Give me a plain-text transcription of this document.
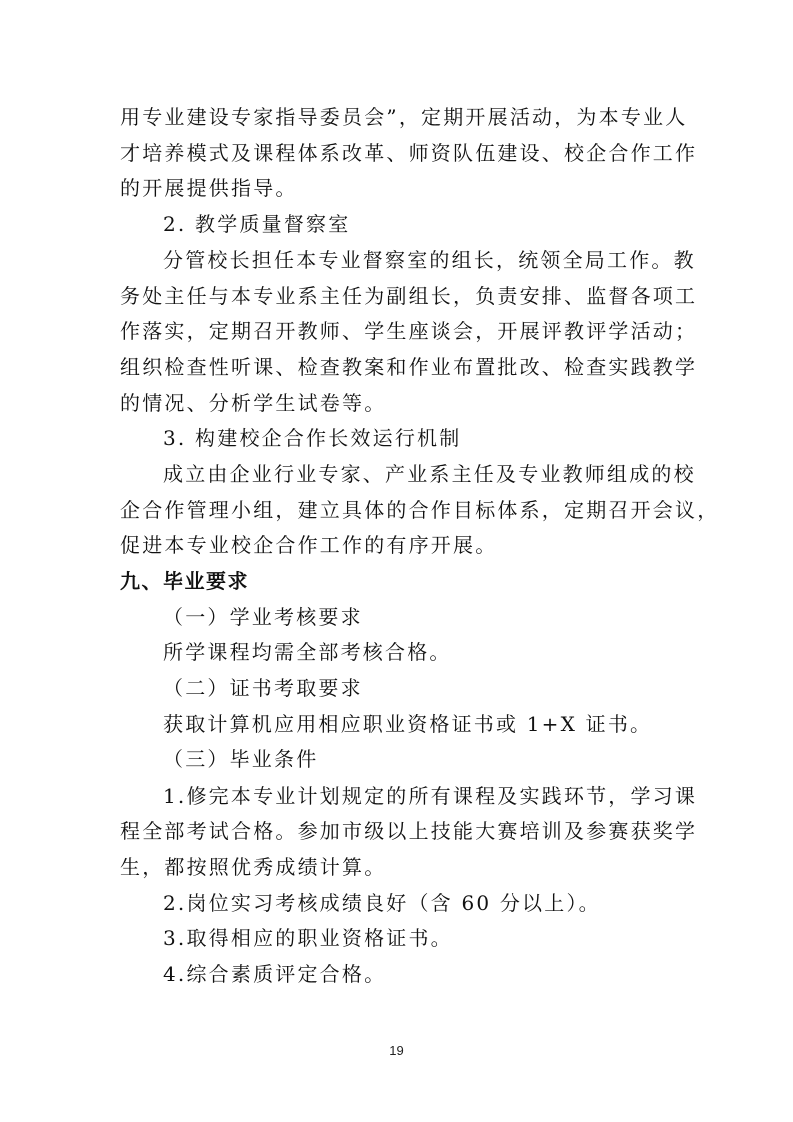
用专业建设专家指导委员会”，定期开展活动，为本专业人
才培养模式及课程体系改革、师资队伍建设、校企合作工作
的开展提供指导。
2. 教学质量督察室
分管校长担任本专业督察室的组长，统领全局工作。教
务处主任与本专业系主任为副组长，负责安排、监督各项工
作落实，定期召开教师、学生座谈会，开展评教评学活动；
组织检查性听课、检查教案和作业布置批改、检查实践教学
的情况、分析学生试卷等。
3. 构建校企合作长效运行机制
成立由企业行业专家、产业系主任及专业教师组成的校
企合作管理小组，建立具体的合作目标体系，定期召开会议，
促进本专业校企合作工作的有序开展。
九、毕业要求
（一）学业考核要求
所学课程均需全部考核合格。
（二）证书考取要求
获取计算机应用相应职业资格证书或 1+X 证书。
（三）毕业条件
1.修完本专业计划规定的所有课程及实践环节，学习课
程全部考试合格。参加市级以上技能大赛培训及参赛获奖学
生，都按照优秀成绩计算。
2.岗位实习考核成绩良好（含 60 分以上）。
3.取得相应的职业资格证书。
4.综合素质评定合格。
19
